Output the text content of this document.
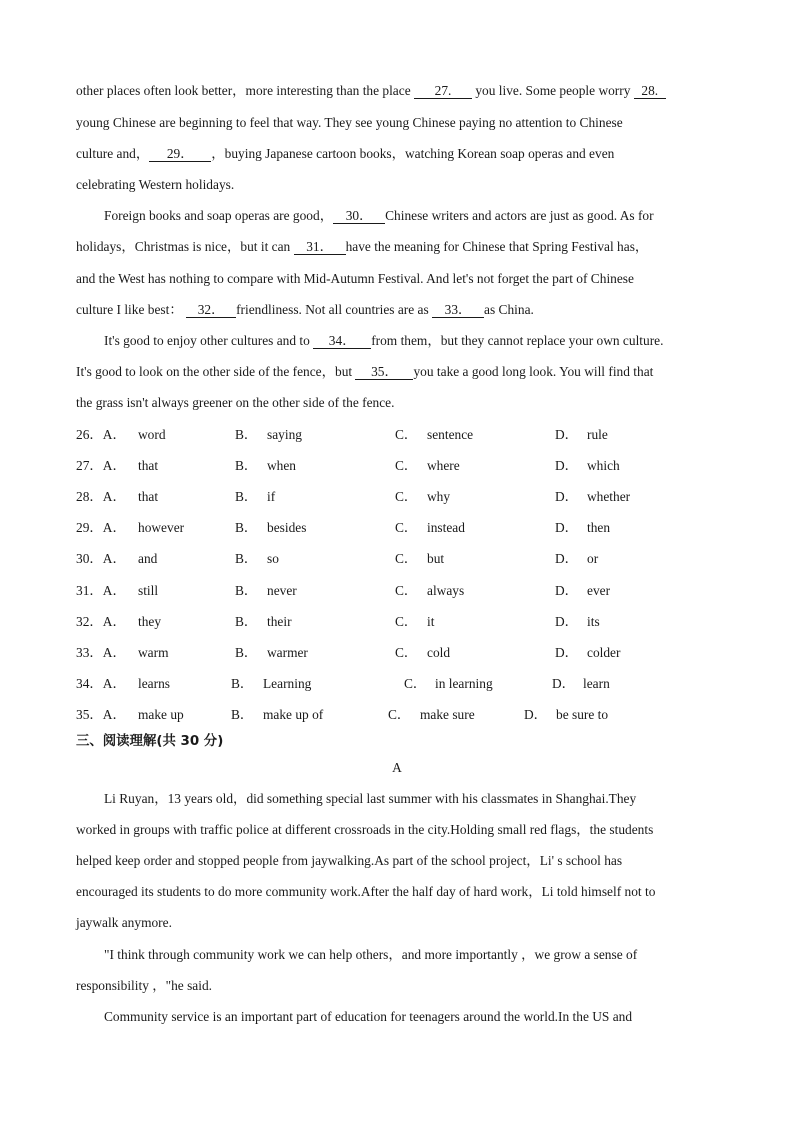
other places often look better，more interesting than the place 27. you live. Some people worry 28.
young Chinese are beginning to feel that way. They see young Chinese paying no attention to Chinese
culture and， 29． ，buying Japanese cartoon books，watching Korean soap operas and even
celebrating Western holidays.
Foreign books and soap operas are good， 30． Chinese writers and actors are just as good. As for
holidays，Christmas is nice，but it can 31． have the meaning for Chinese that Spring Festival has，
and the West has nothing to compare with Mid-Autumn Festival. And let's not forget the part of Chinese
culture I like best： 32． friendliness. Not all countries are as 33． as China.
It's good to enjoy other cultures and to 34． from them，but they cannot replace your own culture.
It's good to look on the other side of the fence，but 35． you take a good long look. You will find that
the grass isn't always greener on the other side of the fence.
26．A． word	B． saying	C． sentence	D． rule
27．A． that	B． when	C． where	D． which
28．A． that	B． if	C． why	D． whether
29．A． however	B． besides	C． instead	D． then
30．A． and	B． so	C． but	D． or
31．A． still	B． never	C． always	D． ever
32．A． they	B． their	C． it	D． its
33．A． warm	B． warmer	C． cold	D． colder
34．A． learns	B． Learning	C． in learning	D． learn
35．A． make up	B． make up of	C． make sure	D． be sure to
三、阅读理解(共 30 分)
A
Li Ruyan，13 years old，did something special last summer with his classmates in Shanghai.They
worked in groups with traffic police at different crossroads in the city.Holding small red flags，the students
helped keep order and stopped people from jaywalking.As part of the school project，Li' s school has
encouraged its students to do more community work.After the half day of hard work，Li told himself not to
jaywalk anymore.
"I think through community work we can help others，and more importantly ，we grow a sense of
responsibility ，"he said.
Community service is an important part of education for teenagers around the world.In the US and
